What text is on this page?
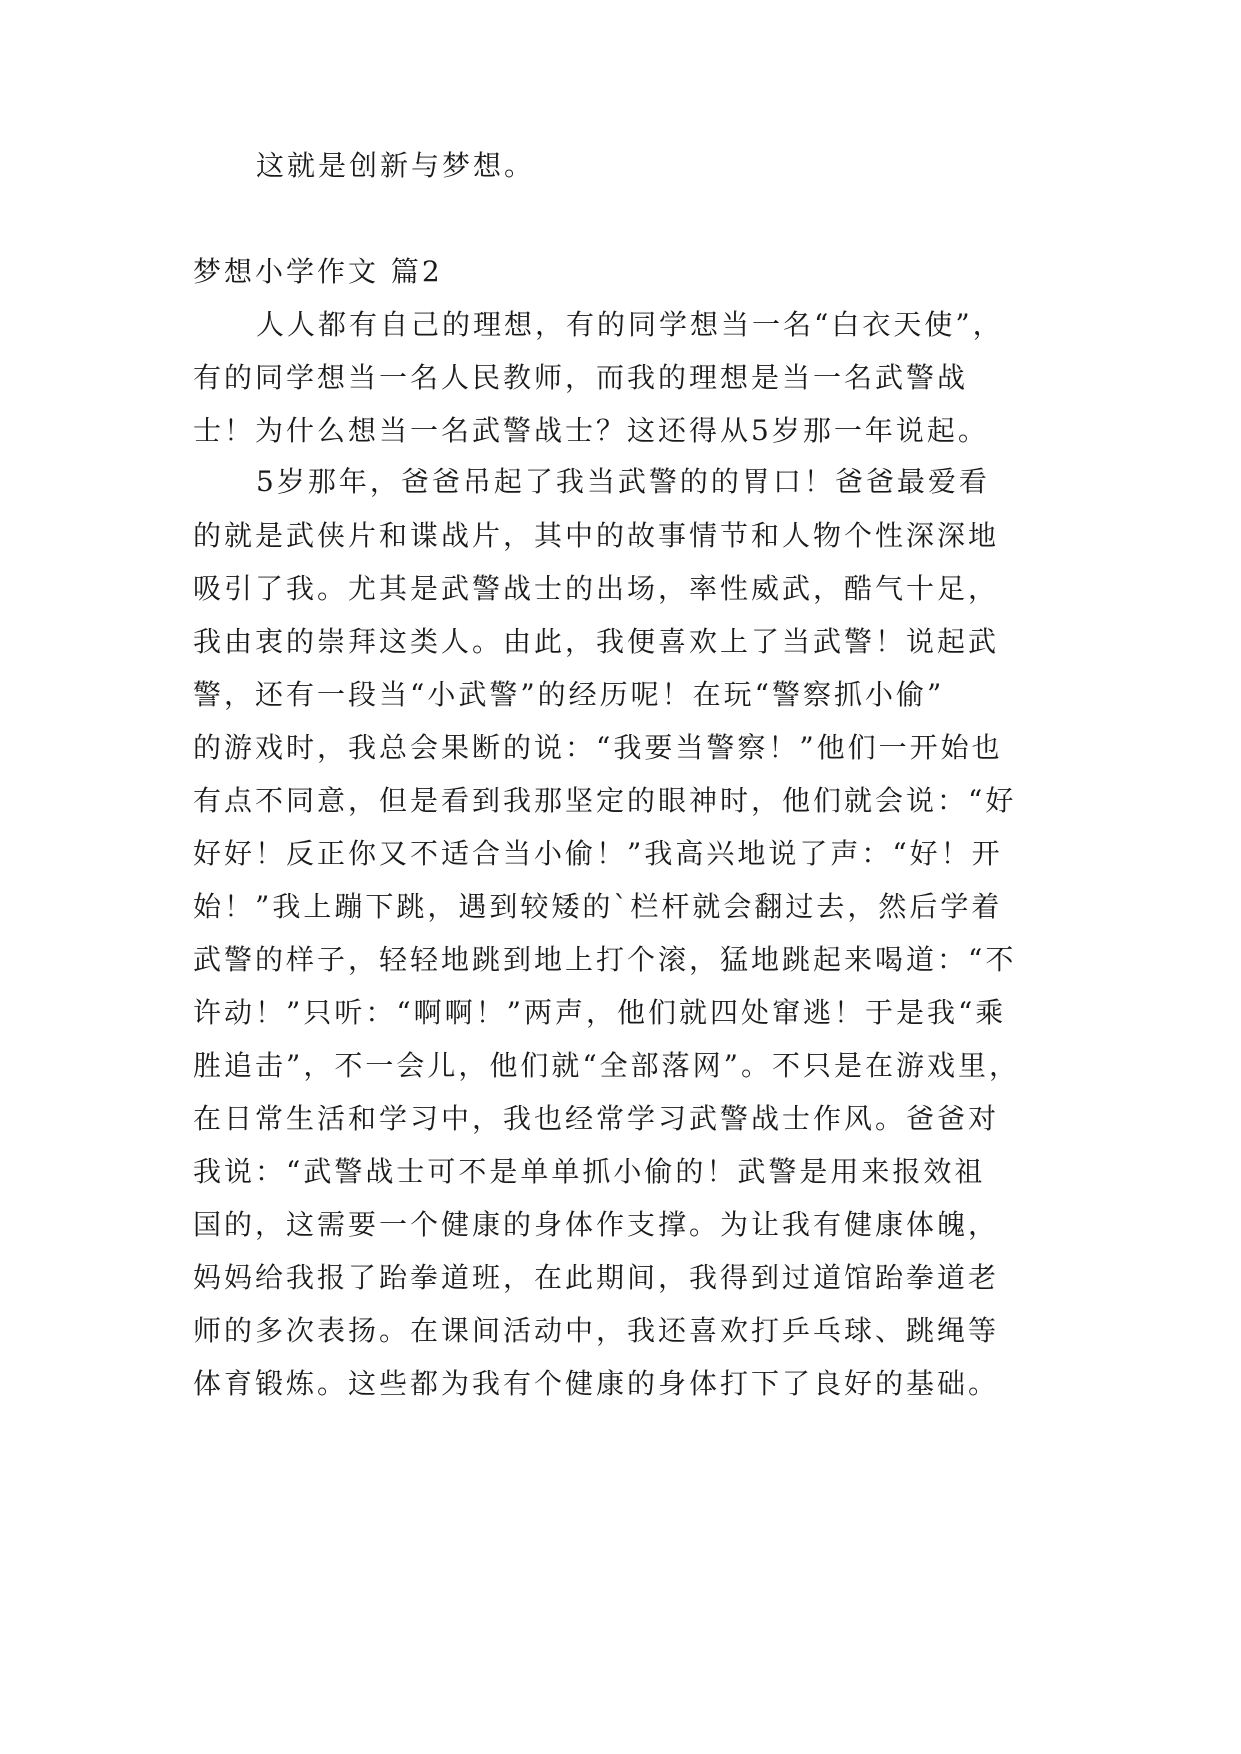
这就是创新与梦想。
梦想小学作文 篇2
人人都有自己的理想，有的同学想当一名“白衣天使”，
有的同学想当一名人民教师，而我的理想是当一名武警战
士！为什么想当一名武警战士？这还得从5岁那一年说起。
5岁那年，爸爸吊起了我当武警的的胃口！爸爸最爱看
的就是武侠片和谍战片，其中的故事情节和人物个性深深地
吸引了我。尤其是武警战士的出场，率性威武，酷气十足，
我由衷的崇拜这类人。由此，我便喜欢上了当武警！说起武
警，还有一段当“小武警”的经历呢！在玩“警察抓小偷”
的游戏时，我总会果断的说：“我要当警察！”他们一开始也
有点不同意，但是看到我那坚定的眼神时，他们就会说：“好
好好！反正你又不适合当小偷！”我高兴地说了声：“好！开
始！”我上蹦下跳，遇到较矮的`栏杆就会翻过去，然后学着
武警的样子，轻轻地跳到地上打个滚，猛地跳起来喝道：“不
许动！”只听：“啊啊！”两声，他们就四处窜逃！于是我“乘
胜追击”，不一会儿，他们就“全部落网”。不只是在游戏里，
在日常生活和学习中，我也经常学习武警战士作风。爸爸对
我说：“武警战士可不是单单抓小偷的！武警是用来报效祖
国的，这需要一个健康的身体作支撑。为让我有健康体魄，
妈妈给我报了跆拳道班，在此期间，我得到过道馆跆拳道老
师的多次表扬。在课间活动中，我还喜欢打乒乓球、跳绳等
体育锻炼。这些都为我有个健康的身体打下了良好的基础。
